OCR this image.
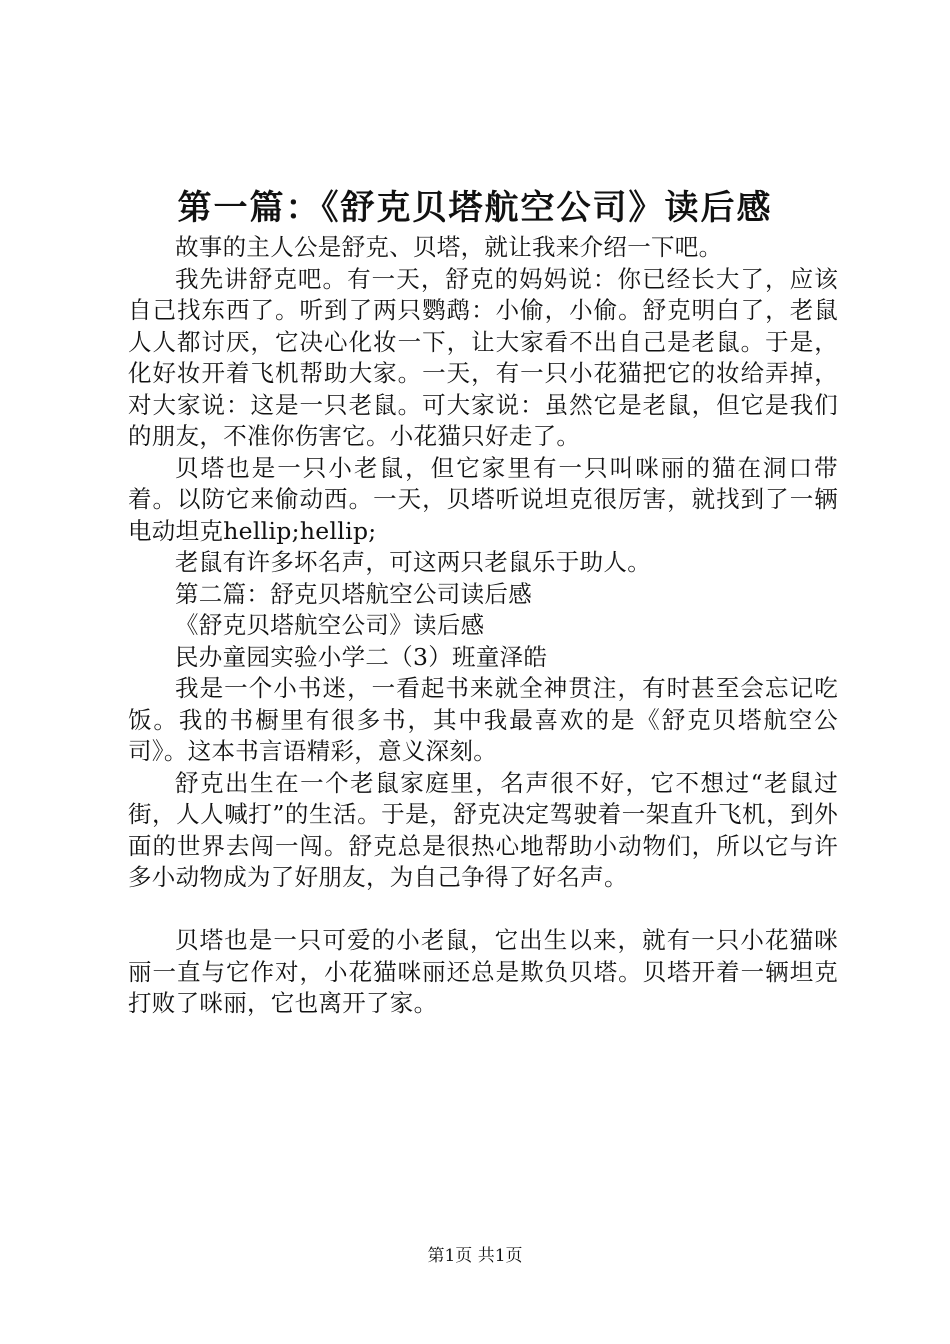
第一篇：《舒克贝塔航空公司》读后感

故事的主人公是舒克、贝塔，就让我来介绍一下吧。

我先讲舒克吧。有一天，舒克的妈妈说：你已经长大了，应该自己找东西了。听到了两只鹦鹉：小偷，小偷。舒克明白了，老鼠人人都讨厌，它决心化妆一下，让大家看不出自己是老鼠。于是，化好妆开着飞机帮助大家。一天，有一只小花猫把它的妆给弄掉，对大家说：这是一只老鼠。可大家说：虽然它是老鼠，但它是我们的朋友，不准你伤害它。小花猫只好走了。

贝塔也是一只小老鼠，但它家里有一只叫咪丽的猫在洞口带着。以防它来偷动西。一天，贝塔听说坦克很厉害，就找到了一辆电动坦克hellip;hellip;

老鼠有许多坏名声，可这两只老鼠乐于助人。

第二篇：舒克贝塔航空公司读后感

《舒克贝塔航空公司》读后感

民办童园实验小学二（3）班童泽皓

我是一个小书迷，一看起书来就全神贯注，有时甚至会忘记吃饭。我的书橱里有很多书，其中我最喜欢的是《舒克贝塔航空公司》。这本书言语精彩，意义深刻。

舒克出生在一个老鼠家庭里，名声很不好，它不想过“老鼠过街，人人喊打”的生活。于是，舒克决定驾驶着一架直升飞机，到外面的世界去闯一闯。舒克总是很热心地帮助小动物们，所以它与许多小动物成为了好朋友，为自己争得了好名声。

贝塔也是一只可爱的小老鼠，它出生以来，就有一只小花猫咪丽一直与它作对，小花猫咪丽还总是欺负贝塔。贝塔开着一辆坦克打败了咪丽，它也离开了家。

第1页 共1页
